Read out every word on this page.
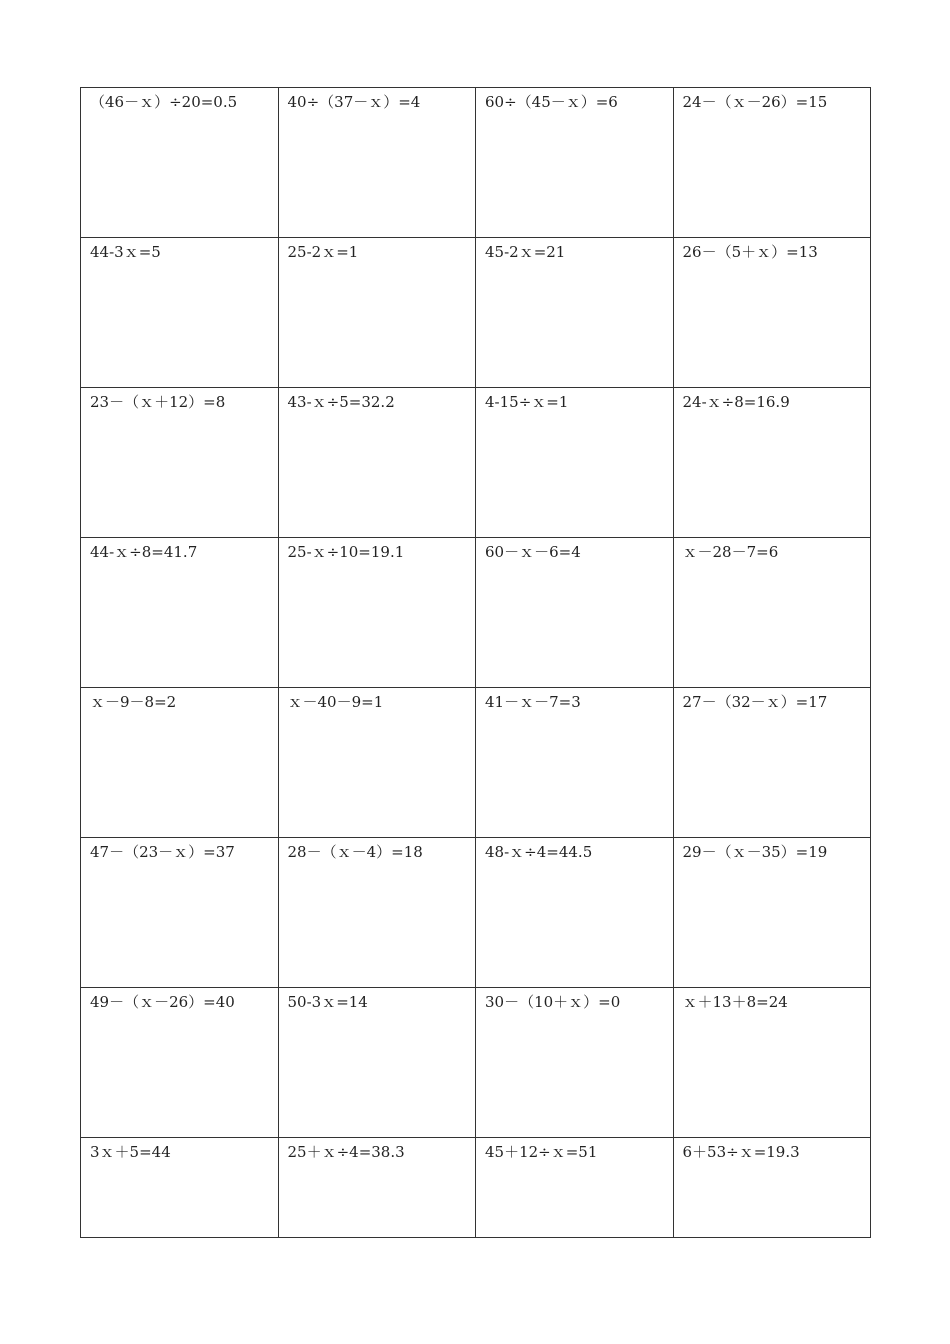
（46－ｘ）÷20=0.5	40÷（37－ｘ）=4	60÷（45－ｘ）=6	24－（ｘ－26）=15
44-3ｘ=5	25-2ｘ=1	45-2ｘ=21	26－（5＋ｘ）=13
23－（ｘ＋12）=8	43-ｘ÷5=32.2	4-15÷ｘ=1	24-ｘ÷8=16.9
44-ｘ÷8=41.7	25-ｘ÷10=19.1	60－ｘ－6=4	ｘ－28－7=6
ｘ－9－8=2	ｘ－40－9=1	41－ｘ－7=3	27－（32－ｘ）=17
47－（23－ｘ）=37	28－（ｘ－4）=18	48-ｘ÷4=44.5	29－（ｘ－35）=19
49－（ｘ－26）=40	50-3ｘ=14	30－（10＋ｘ）=0	ｘ＋13＋8=24
3ｘ＋5=44	25＋ｘ÷4=38.3	45＋12÷ｘ=51	6＋53÷ｘ=19.3
